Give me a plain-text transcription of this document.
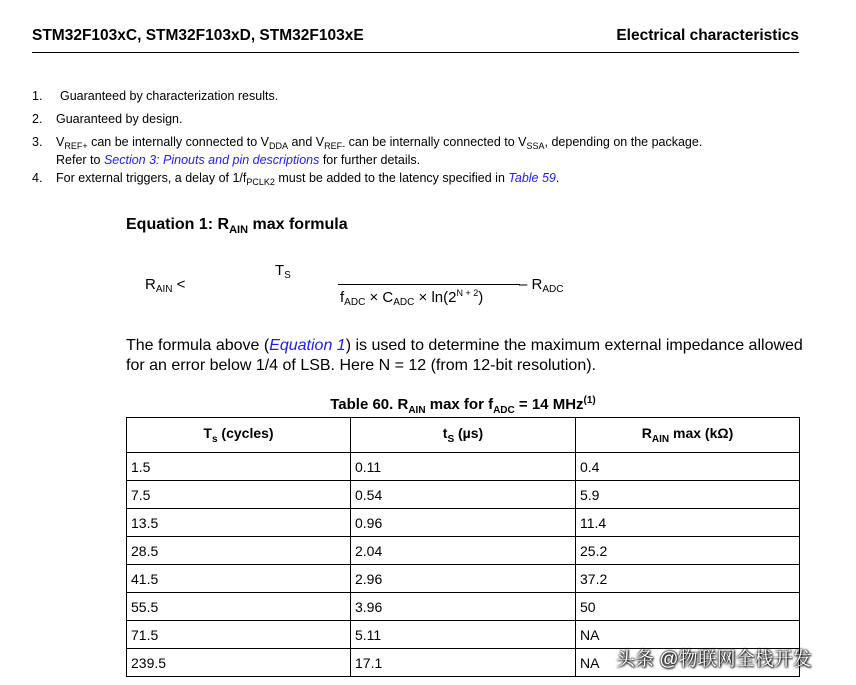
STM32F103xC, STM32F103xD, STM32F103xE	Electrical characteristics
1.	Guaranteed by characterization results.
2.	Guaranteed by design.
3.	$V_{REF+}$ can be internally connected to $V_{DDA}$ and $V_{REF-}$ can be internally connected to $V_{SSA}$, depending on the package.
Refer to Section 3: Pinouts and pin descriptions for further details.
4.	For external triggers, a delay of $1/f_{PCLK2}$ must be added to the latency specified in Table 59.
Equation 1: $R_{AIN}$ max formula
$R_{AIN}$ <
$T_S$
$f_{ADC} \times C_{ADC} \times \ln(2^{N + 2})$
– $R_{ADC}$
The formula above (Equation 1) is used to determine the maximum external impedance allowed for an error below 1/4 of LSB. Here N = 12 (from 12-bit resolution).
Table 60. $R_{AIN}$ max for $f_{ADC} = 14$ MHz$^{(1)}$
$T_s$ (cycles)	$t_S$ (µs)	$R_{AIN}$ max (kΩ)
1.5	0.11	0.4
7.5	0.54	5.9
13.5	0.96	11.4
28.5	2.04	25.2
41.5	2.96	37.2
55.5	3.96	50
71.5	5.11	NA
239.5	17.1	NA 头条 @物联网全栈开发
